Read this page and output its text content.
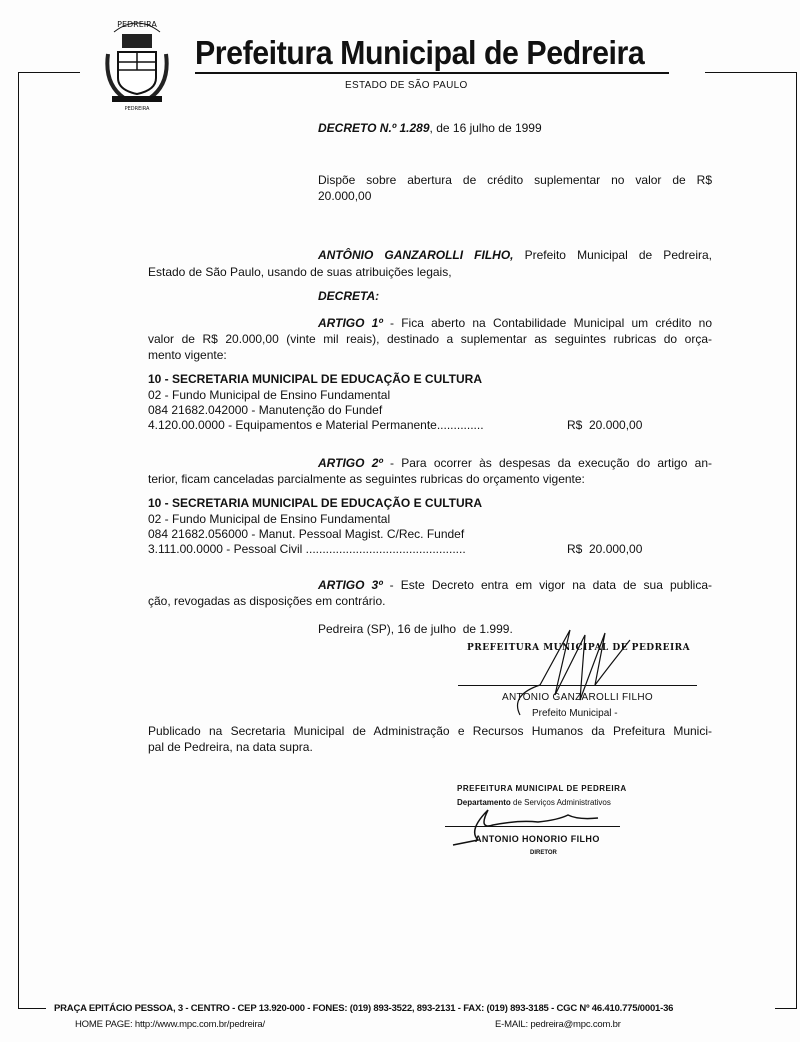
PEDREIRA
PEDREIRA
Prefeitura Municipal de Pedreira
ESTADO DE SÃO PAULO
DECRETO N.º 1.289, de 16 julho de 1999
Dispõe sobre abertura de crédito suplementar no valor de R$
20.000,00
ANTÔNIO GANZAROLLI FILHO, Prefeito Municipal de Pedreira,
Estado de São Paulo, usando de suas atribuições legais,
DECRETA:
ARTIGO 1º - Fica aberto na Contabilidade Municipal um crédito no
valor de R$ 20.000,00 (vinte mil reais), destinado a suplementar as seguintes rubricas do orça-
mento vigente:
10 - SECRETARIA MUNICIPAL DE EDUCAÇÃO E CULTURA
02 - Fundo Municipal de Ensino Fundamental
084 21682.042000 - Manutenção do Fundef
4.120.00.0000 - Equipamentos e Material Permanente..............	R$  20.000,00
ARTIGO 2º - Para ocorrer às despesas da execução do artigo an-
terior, ficam canceladas parcialmente as seguintes rubricas do orçamento vigente:
10 - SECRETARIA MUNICIPAL DE EDUCAÇÃO E CULTURA
02 - Fundo Municipal de Ensino Fundamental
084 21682.056000 - Manut. Pessoal Magist. C/Rec. Fundef
3.111.00.0000 - Pessoal Civil ................................................	R$  20.000,00
ARTIGO 3º - Este Decreto entra em vigor na data de sua publica-
ção, revogadas as disposições em contrário.
Pedreira (SP), 16 de julho  de 1.999.
PREFEITURA MUNICIPAL DE PEDREIRA
ANTONIO GANZAROLLI FILHO
Prefeito Municipal -
Publicado na Secretaria Municipal de Administração e Recursos Humanos da Prefeitura Munici-
pal de Pedreira, na data supra.
PREFEITURA MUNICIPAL DE PEDREIRA
Departamento de Serviços Administrativos
ANTONIO HONORIO FILHO
DIRETOR
PRAÇA EPITÁCIO PESSOA, 3 - CENTRO - CEP 13.920-000 - FONES: (019) 893-3522, 893-2131 - FAX: (019) 893-3185 - CGC Nº 46.410.775/0001-36
HOME PAGE: http://www.mpc.com.br/pedreira/	E-MAIL: pedreira@mpc.com.br
